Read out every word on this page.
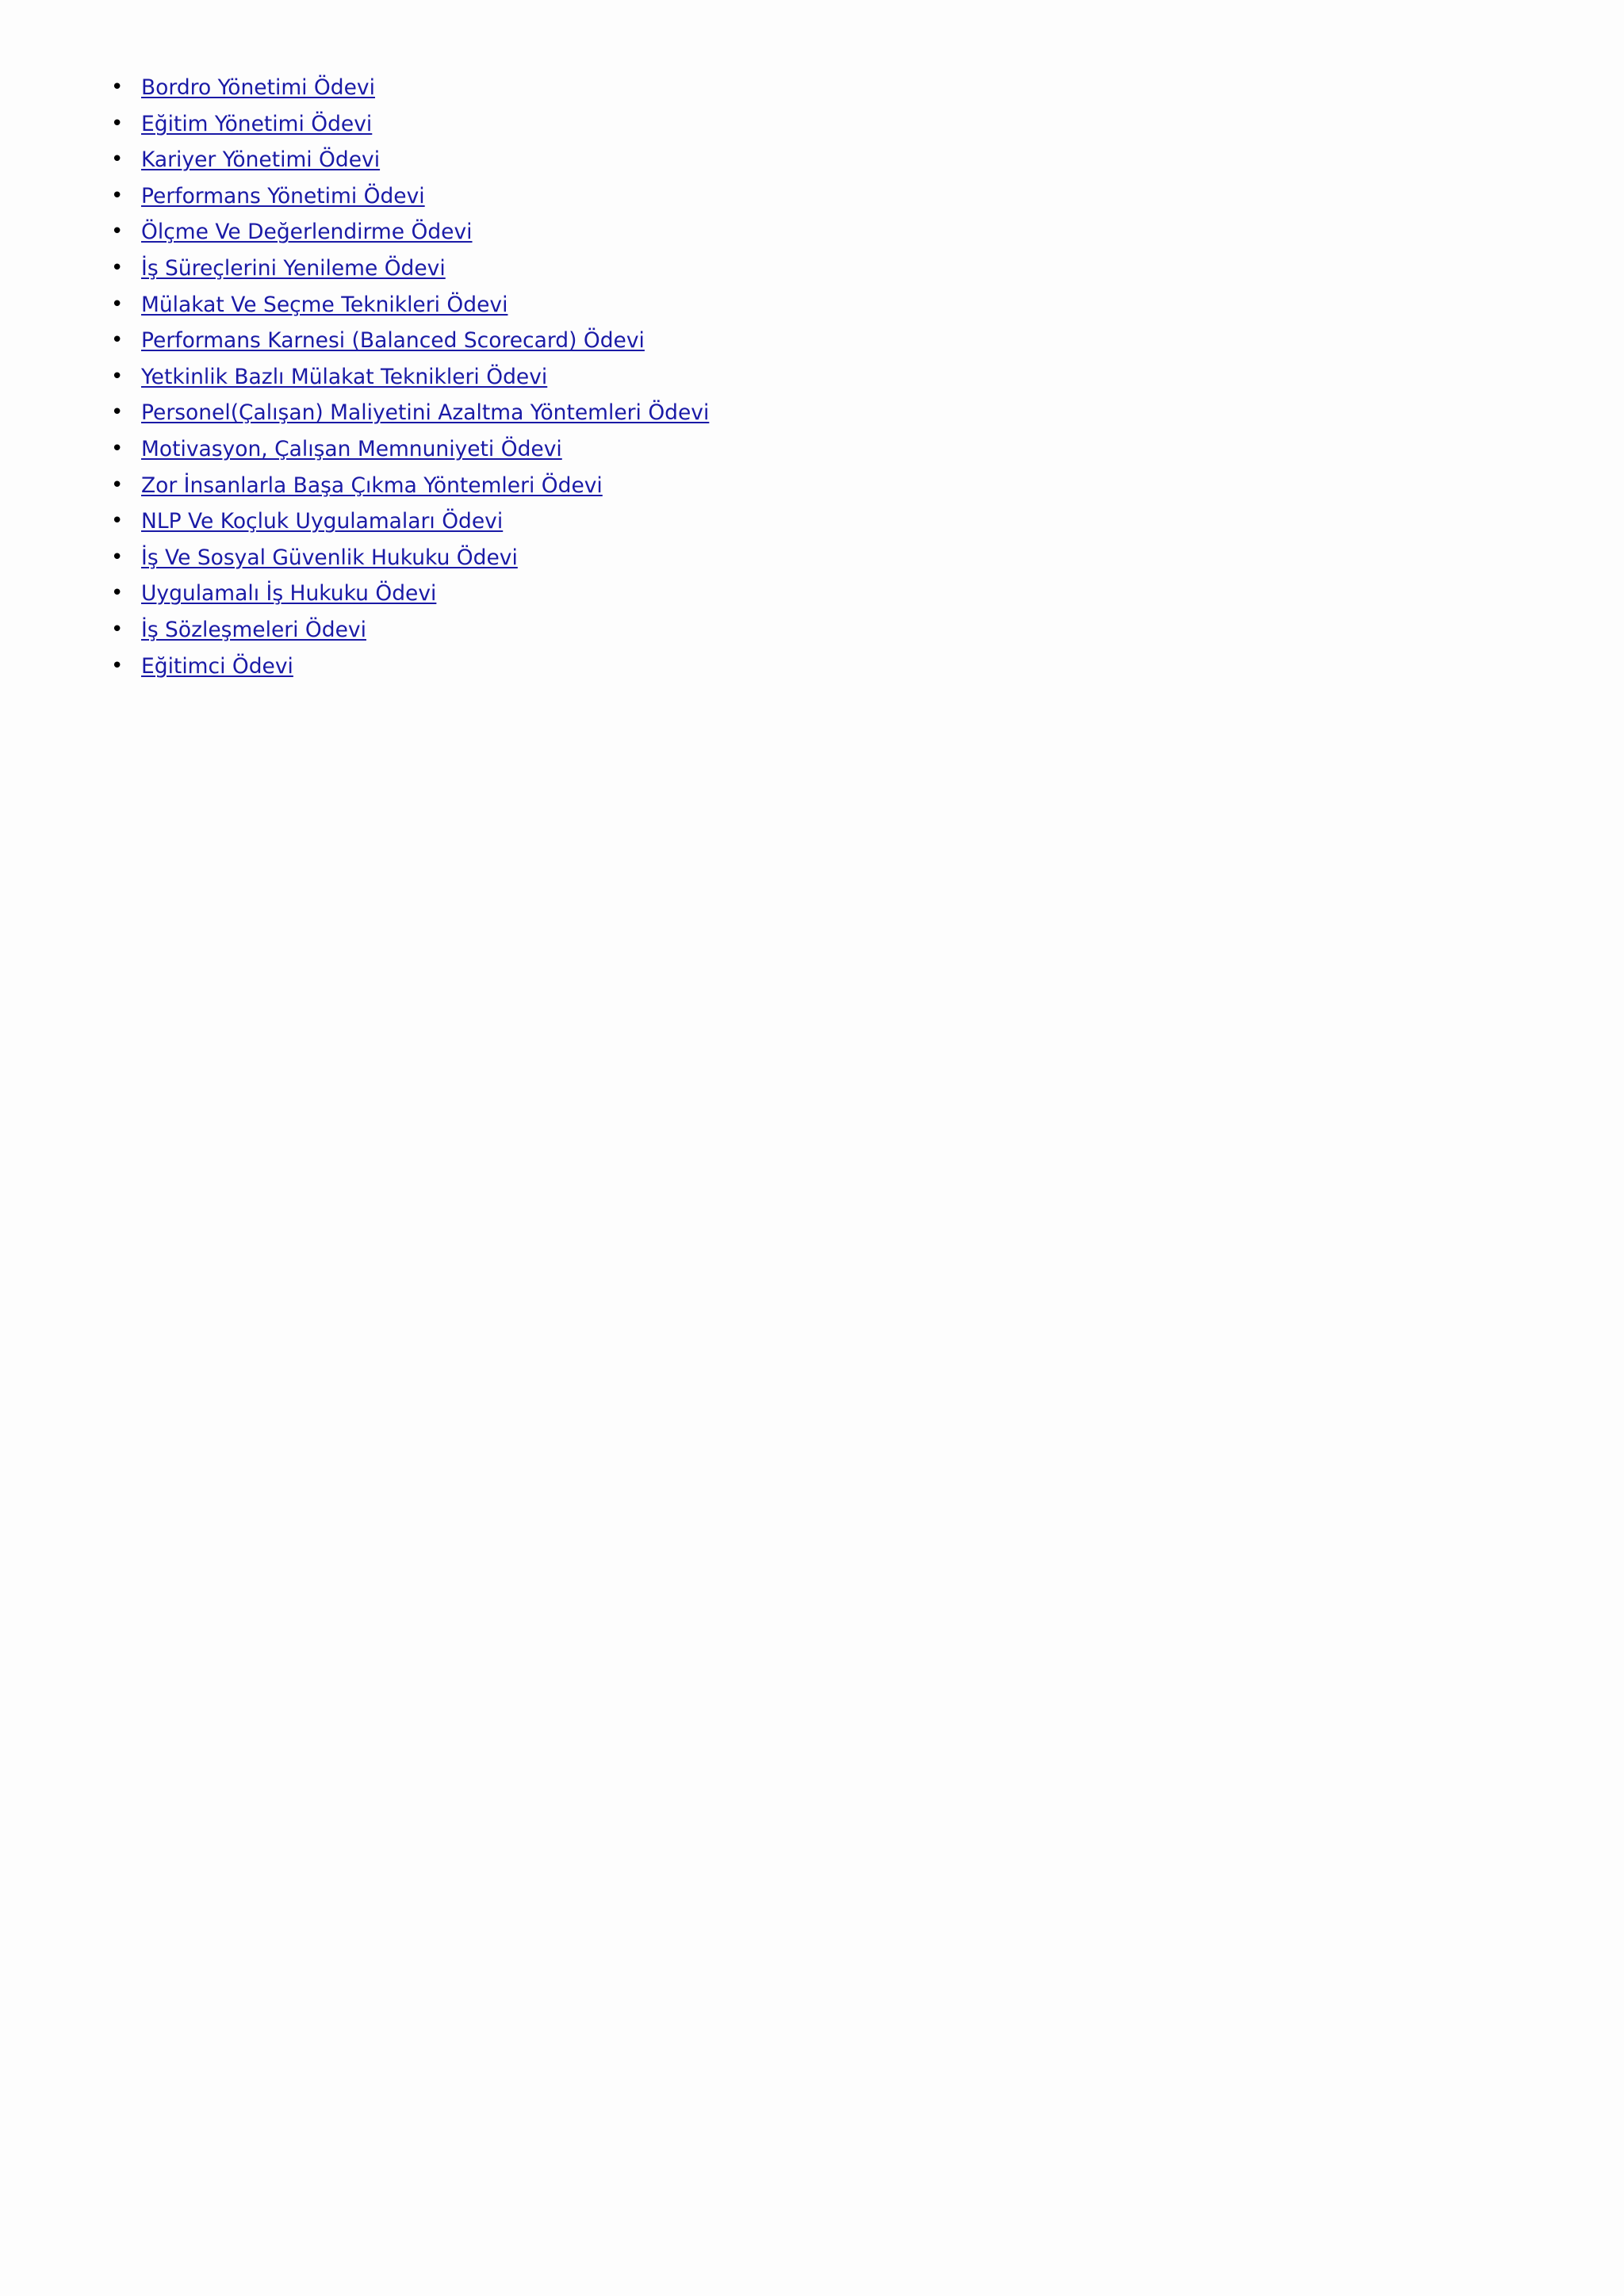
• Bordro Yönetimi Ödevi
• Eğitim Yönetimi Ödevi
• Kariyer Yönetimi Ödevi
• Performans Yönetimi Ödevi
• Ölçme Ve Değerlendirme Ödevi
• İş Süreçlerini Yenileme Ödevi
• Mülakat Ve Seçme Teknikleri Ödevi
• Performans Karnesi (Balanced Scorecard) Ödevi
• Yetkinlik Bazlı Mülakat Teknikleri Ödevi
• Personel(Çalışan) Maliyetini Azaltma Yöntemleri Ödevi
• Motivasyon, Çalışan Memnuniyeti Ödevi
• Zor İnsanlarla Başa Çıkma Yöntemleri Ödevi
• NLP Ve Koçluk Uygulamaları Ödevi
• İş Ve Sosyal Güvenlik Hukuku Ödevi
• Uygulamalı İş Hukuku Ödevi
• İş Sözleşmeleri Ödevi
• Eğitimci Ödevi
